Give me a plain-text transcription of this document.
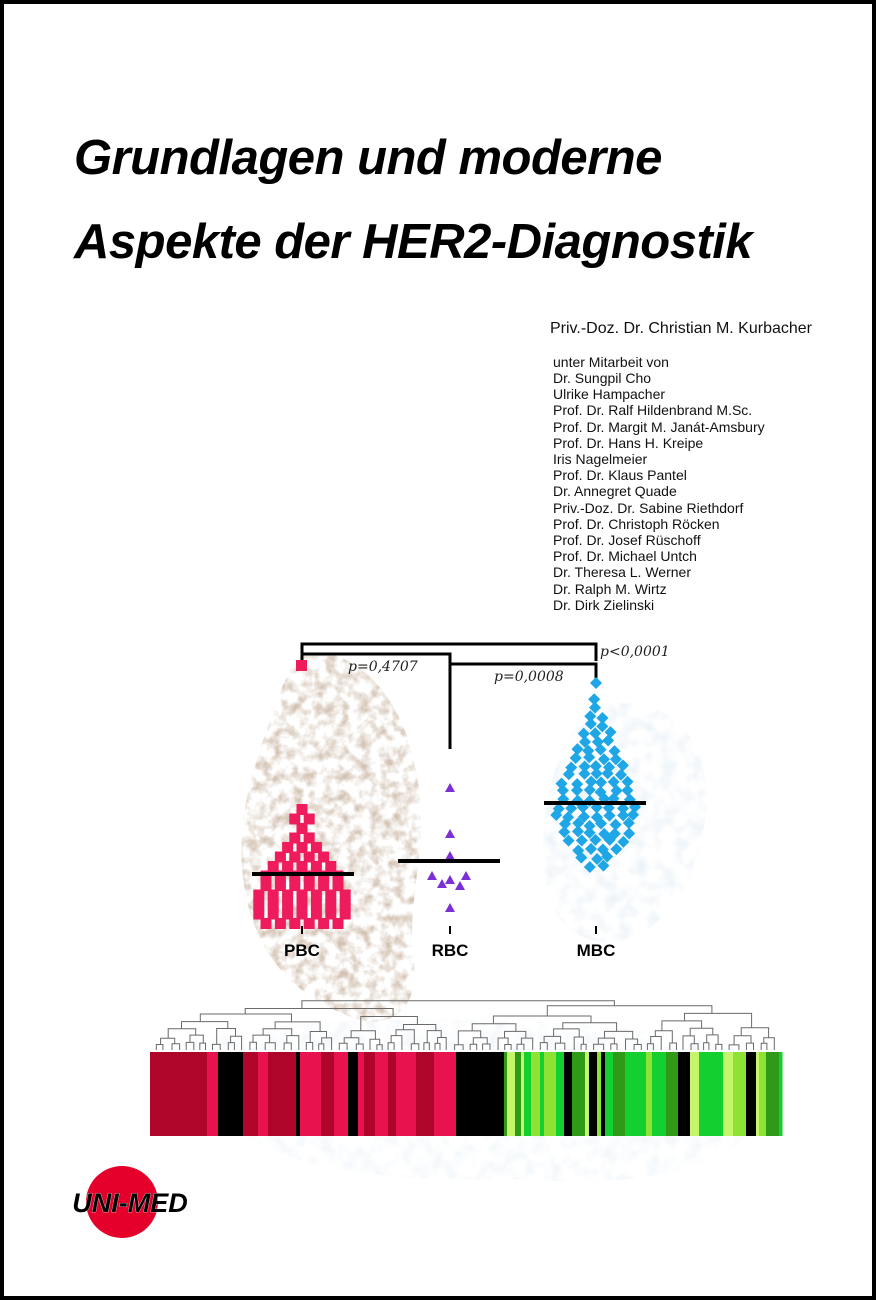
Grundlagen und moderne
Aspekte der HER2-Diagnostik
Priv.-Doz. Dr. Christian M. Kurbacher
unter Mitarbeit von
Dr. Sungpil Cho
Ulrike Hampacher
Prof. Dr. Ralf Hildenbrand M.Sc.
Prof. Dr. Margit M. Janát-Amsbury
Prof. Dr. Hans H. Kreipe
Iris Nagelmeier
Prof. Dr. Klaus Pantel
Dr. Annegret Quade
Priv.-Doz. Dr. Sabine Riethdorf
Prof. Dr. Christoph Röcken
Prof. Dr. Josef Rüschoff
Prof. Dr. Michael Untch
Dr. Theresa L. Werner
Dr. Ralph M. Wirtz
Dr. Dirk Zielinski
p=0,4707
p=0,0008
p<0,0001
PBC	RBC	MBC
UNI-MED
